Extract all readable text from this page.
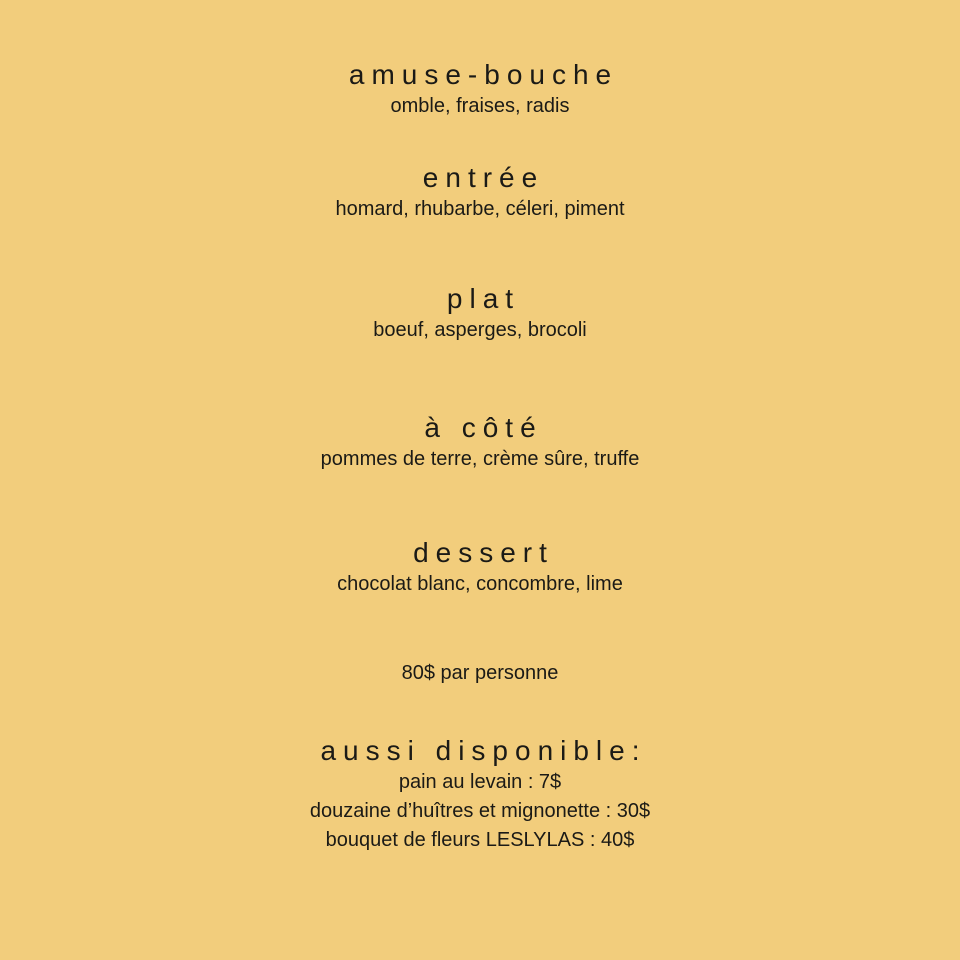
amuse-bouche
omble, fraises, radis
entrée
homard, rhubarbe, céleri, piment
plat
boeuf, asperges, brocoli
à côté
pommes de terre, crème sûre, truffe
dessert
chocolat blanc, concombre, lime
80$ par personne
aussi disponible:
pain au levain : 7$
douzaine d’huîtres et mignonette : 30$
bouquet de fleurs LESLYLAS : 40$
